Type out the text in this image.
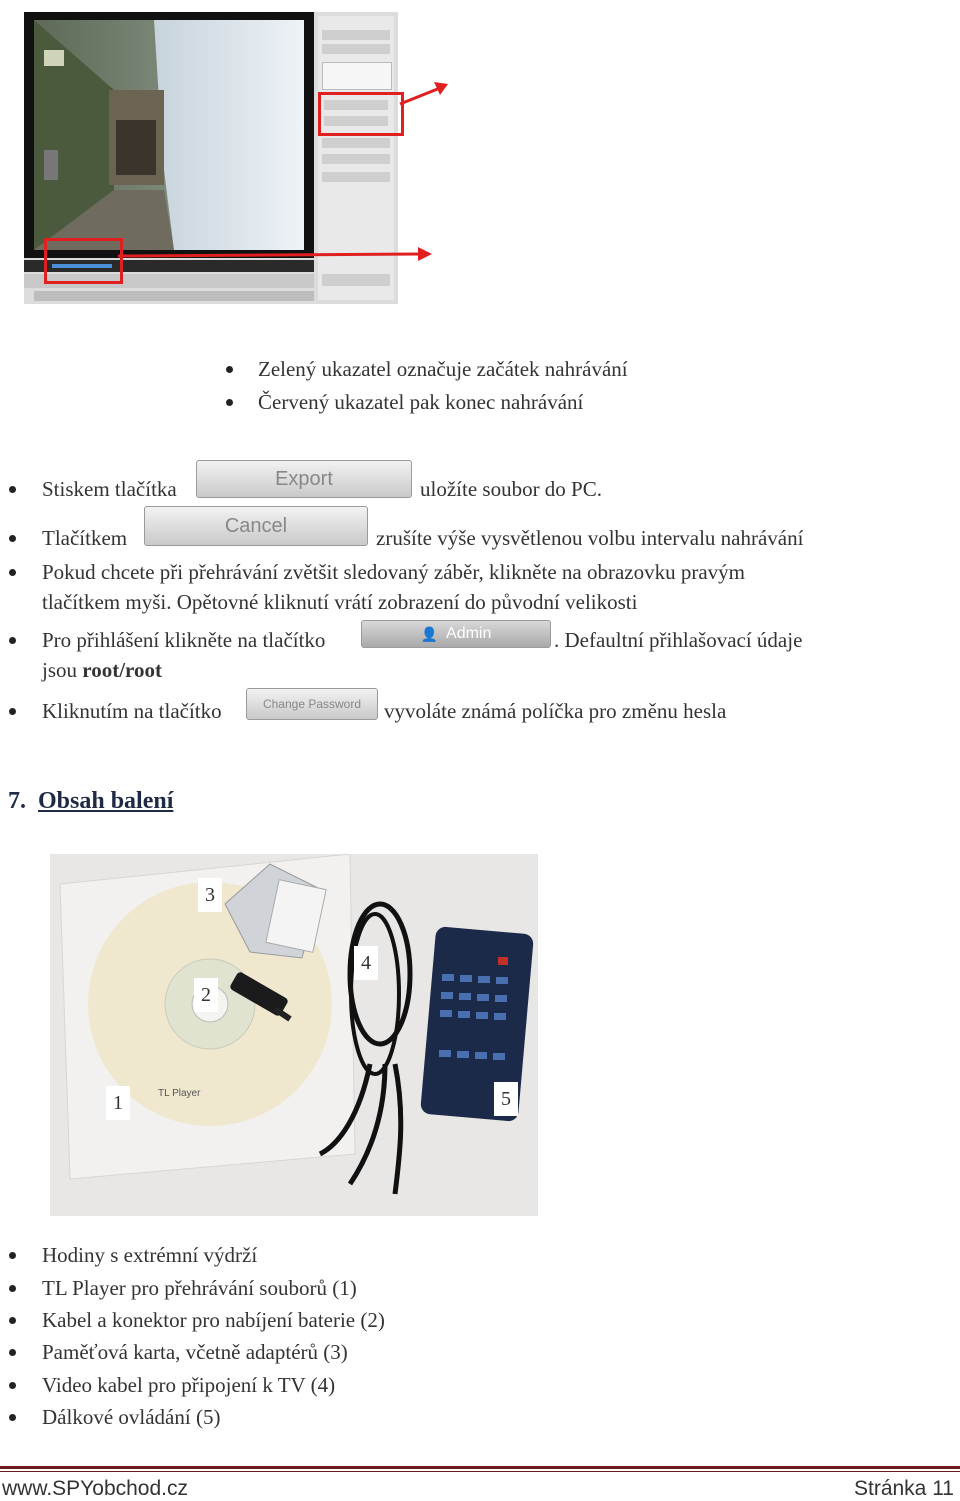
Zelený ukazatel označuje začátek nahrávání
Červený ukazatel pak konec nahrávání
Stiskem tlačítka	Export	uložíte soubor do PC.
Tlačítkem
Cancel
zrušíte výše vysvětlenou volbu intervalu nahrávání
Pokud chcete při přehrávání zvětšit sledovaný záběr, klikněte na obrazovku pravým
tlačítkem myši. Opětovné kliknutí vrátí zobrazení do původní velikosti
Pro přihlášení klikněte na tlačítko	👤 Admin	. Defaultní přihlašovací údaje
jsou root/root
Kliknutím na tlačítko	Change Password	vyvoláte známá políčka pro změnu hesla
7. Obsah balení
TL Player
1
2
3
4
5
Hodiny s extrémní výdrží
TL Player pro přehrávání souborů (1)
Kabel a konektor pro nabíjení baterie (2)
Paměťová karta, včetně adaptérů (3)
Video kabel pro připojení k TV (4)
Dálkové ovládání (5)
www.SPYobchod.cz	Stránka 11
